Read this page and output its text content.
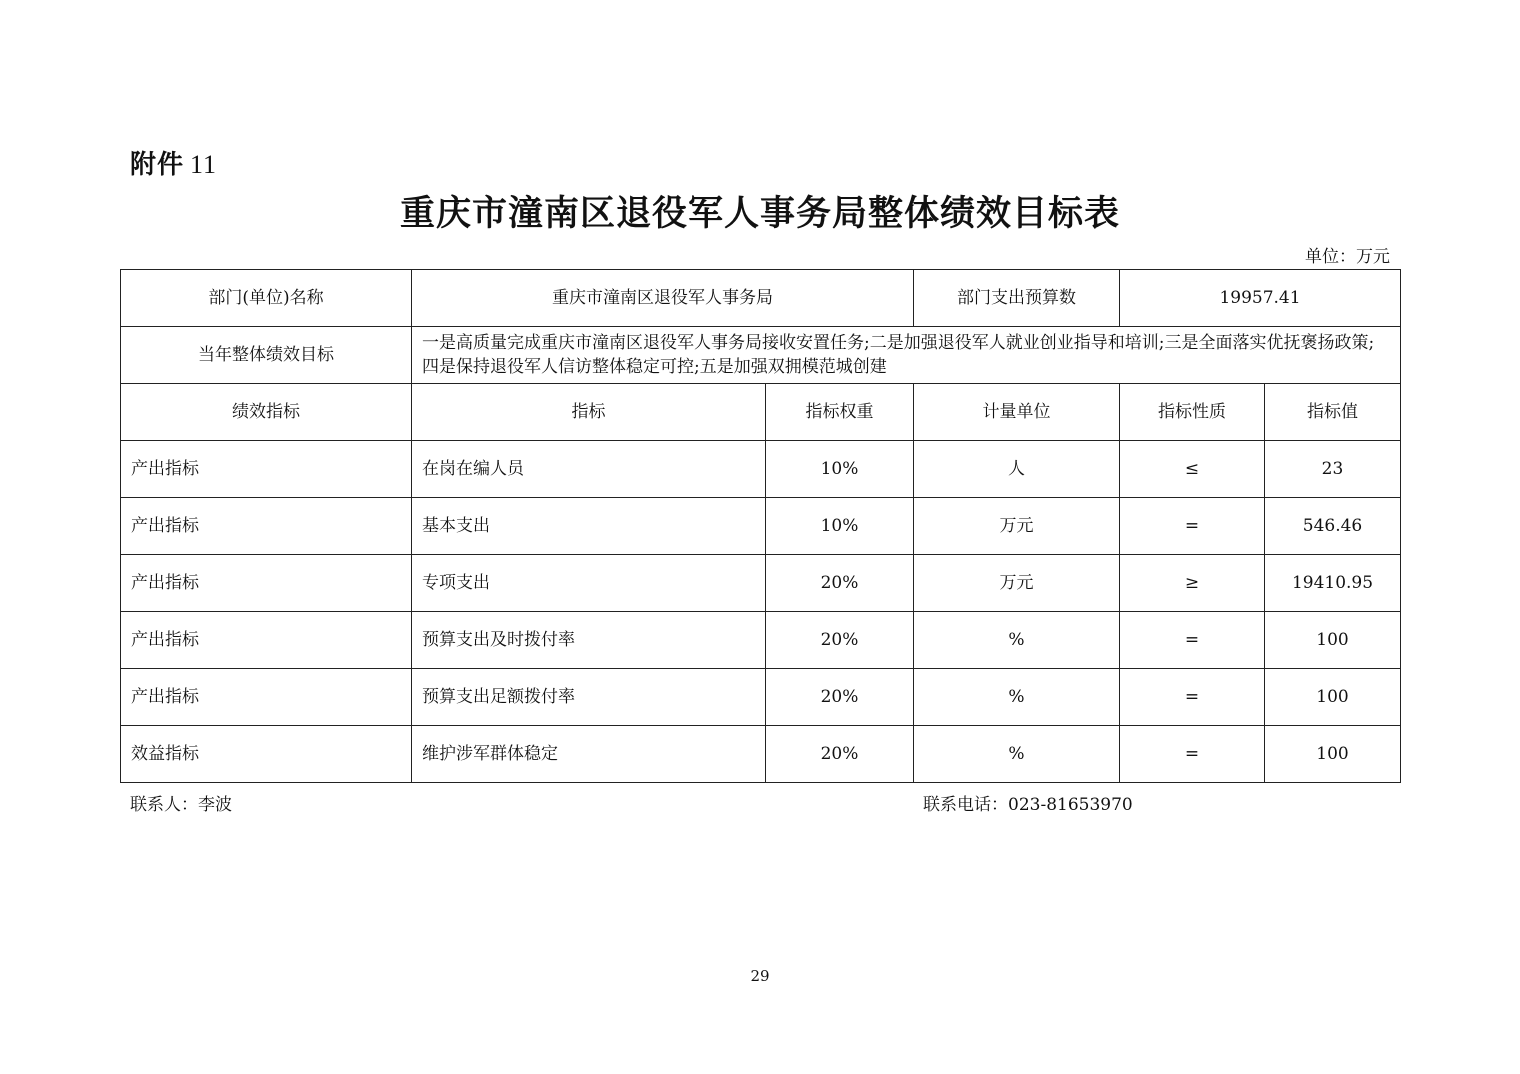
附件 11
重庆市潼南区退役军人事务局整体绩效目标表
单位：万元
部门(单位)名称	重庆市潼南区退役军人事务局		部门支出预算数	19957.41	
当年整体绩效目标	一是高质量完成重庆市潼南区退役军人事务局接收安置任务;二是加强退役军人就业创业指导和培训;三是全面落实优抚褒扬政策;四是保持退役军人信访整体稳定可控;五是加强双拥模范城创建				
绩效指标	指标	指标权重	计量单位	指标性质	指标值
产出指标	在岗在编人员	10%	人	≤	23
产出指标	基本支出	10%	万元	=	546.46
产出指标	专项支出	20%	万元	≥	19410.95
产出指标	预算支出及时拨付率	20%	%	=	100
产出指标	预算支出足额拨付率	20%	%	=	100
效益指标	维护涉军群体稳定	20%	%	=	100
联系人：李波	联系电话：023-81653970
29
